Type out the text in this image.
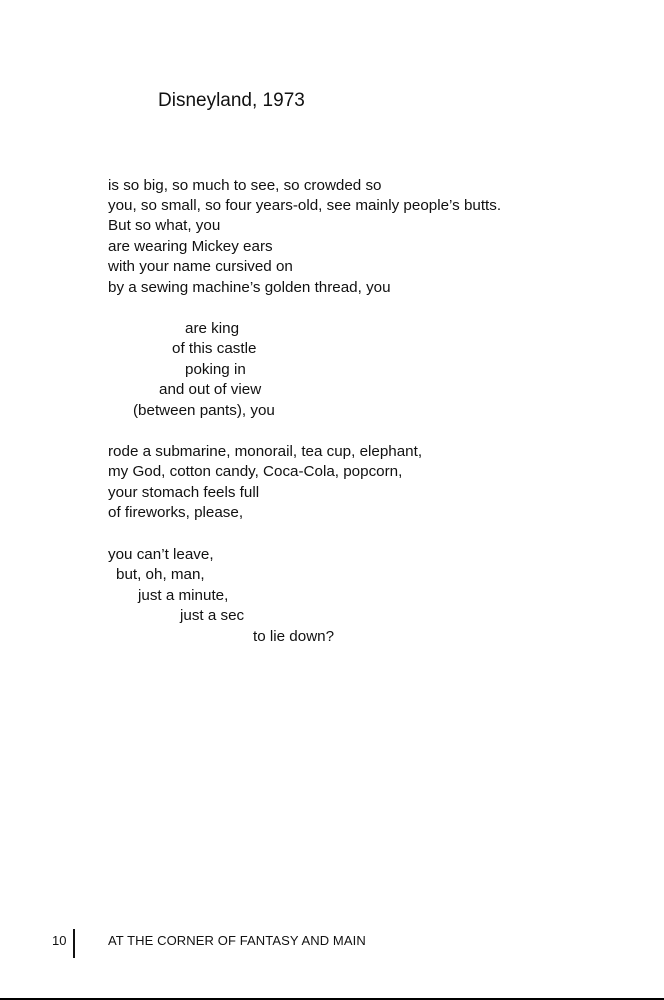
Disneyland, 1973

is so big, so much to see, so crowded so

you, so small, so four years-old, see mainly people’s butts.

But so what, you

are wearing Mickey ears

with your name cursived on

by a sewing machine’s golden thread, you

are king

of this castle

poking in

and out of view

(between pants), you

rode a submarine, monorail, tea cup, elephant,

my God, cotton candy, Coca-Cola, popcorn,

your stomach feels full

of fireworks, please,

you can’t leave,

but, oh, man,

just a minute,

just a sec

to lie down?

10	AT THE CORNER OF FANTASY AND MAIN
